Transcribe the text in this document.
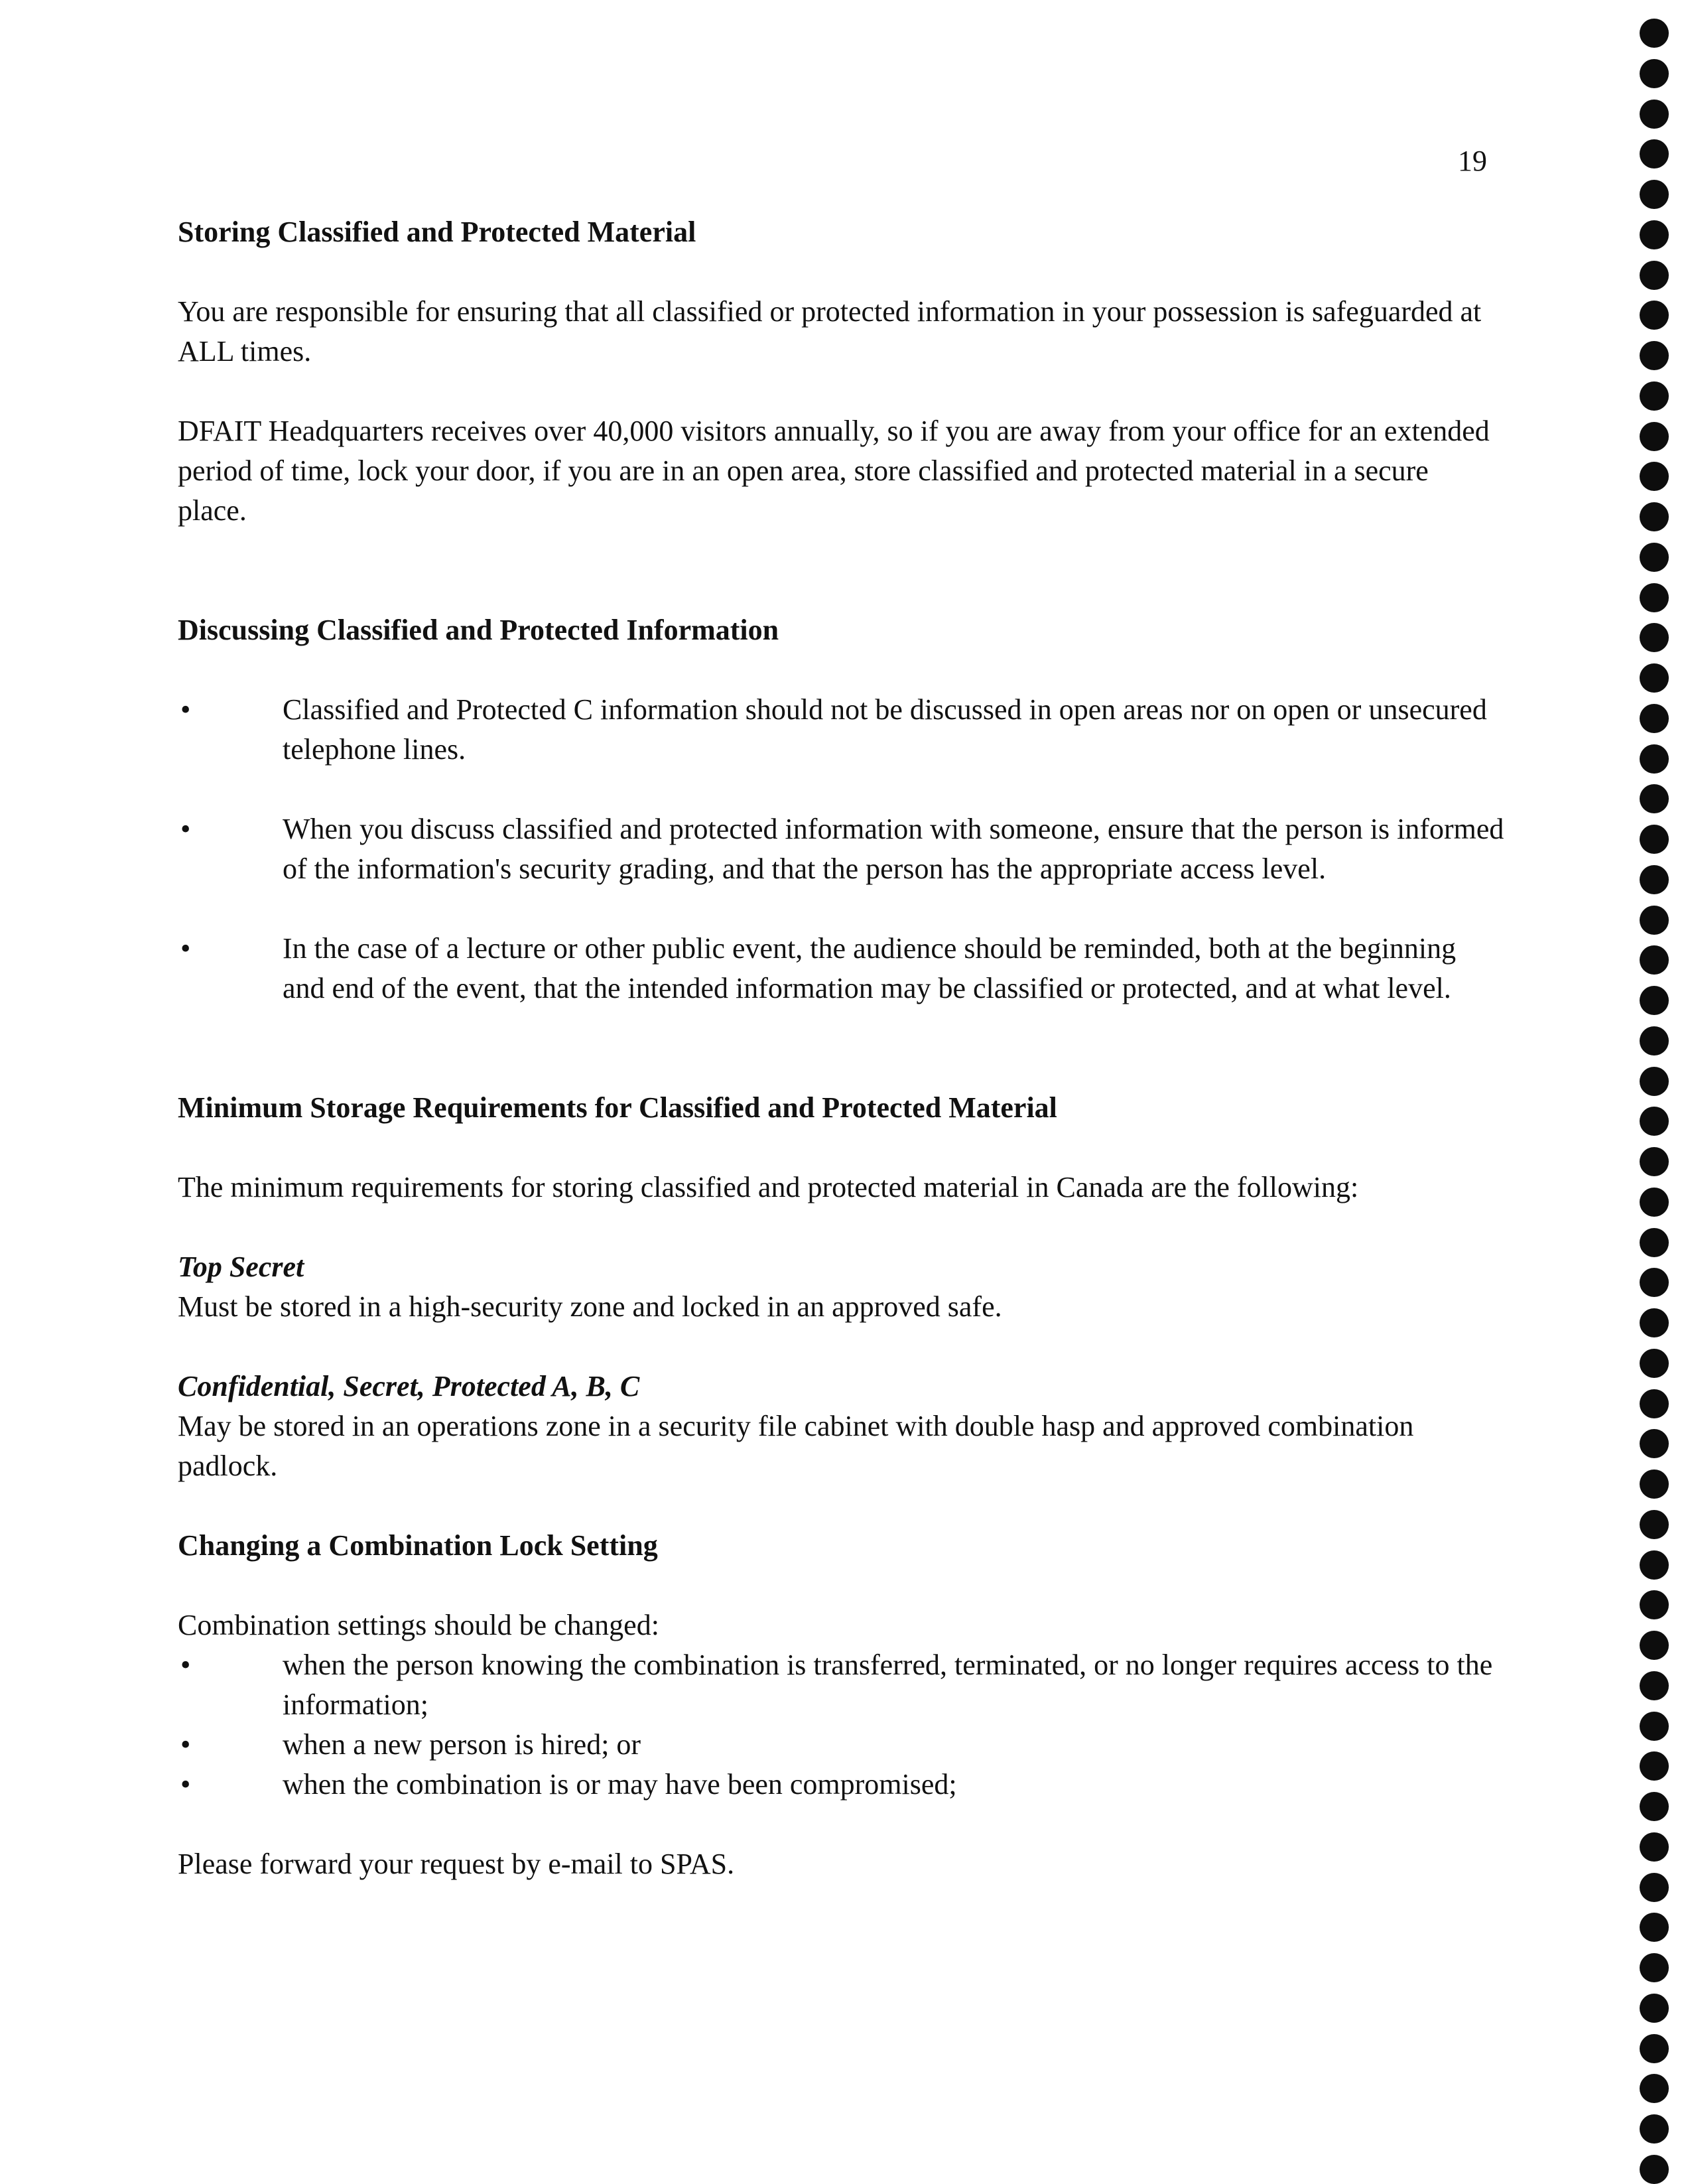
19
Storing Classified and Protected Material

You are responsible for ensuring that all classified or protected information in your possession is safeguarded at ALL times.

DFAIT Headquarters receives over 40,000 visitors annually, so if you are away from your office for an extended period of time, lock your door, if you are in an open area, store classified and protected material in a secure place.

Discussing Classified and Protected Information
•	Classified and Protected C information should not be discussed in open areas nor on open or unsecured telephone lines.
•	When you discuss classified and protected information with someone, ensure that the person is informed of the information's security grading, and that the person has the appropriate access level.
•	In the case of a lecture or other public event, the audience should be reminded, both at the beginning and end of the event, that the intended information may be classified or protected, and at what level.
Minimum Storage Requirements for Classified and Protected Material

The minimum requirements for storing classified and protected material in Canada are the following:

Top Secret

Must be stored in a high-security zone and locked in an approved safe.

Confidential, Secret, Protected A, B, C

May be stored in an operations zone in a security file cabinet with double hasp and approved combination padlock.

Changing a Combination Lock Setting

Combination settings should be changed:

•	when the person knowing the combination is transferred, terminated, or no longer requires access to the information;
•	when a new person is hired; or
•	when the combination is or may have been compromised;

Please forward your request by e-mail to SPAS.
